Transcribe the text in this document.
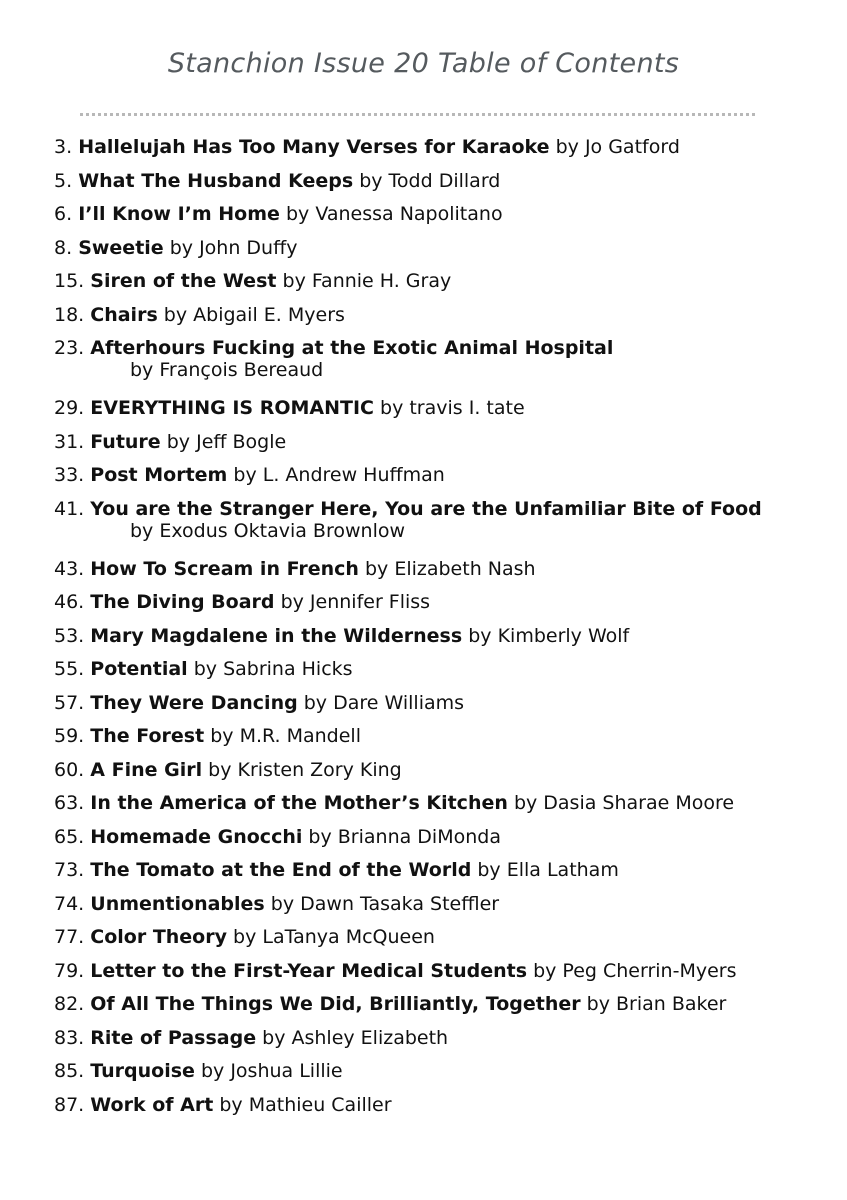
Stanchion Issue 20 Table of Contents
3. Hallelujah Has Too Many Verses for Karaoke by Jo Gatford
5. What The Husband Keeps by Todd Dillard
6. I’ll Know I’m Home by Vanessa Napolitano
8. Sweetie by John Duffy
15. Siren of the West by Fannie H. Gray
18. Chairs by Abigail E. Myers
23. Afterhours Fucking at the Exotic Animal Hospital
by François Bereaud
29. EVERYTHING IS ROMANTIC by travis I. tate
31. Future by Jeff Bogle
33. Post Mortem by L. Andrew Huffman
41. You are the Stranger Here, You are the Unfamiliar Bite of Food
by Exodus Oktavia Brownlow
43. How To Scream in French by Elizabeth Nash
46. The Diving Board by Jennifer Fliss
53. Mary Magdalene in the Wilderness by Kimberly Wolf
55. Potential by Sabrina Hicks
57. They Were Dancing by Dare Williams
59. The Forest by M.R. Mandell
60. A Fine Girl by Kristen Zory King
63. In the America of the Mother’s Kitchen by Dasia Sharae Moore
65. Homemade Gnocchi by Brianna DiMonda
73. The Tomato at the End of the World by Ella Latham
74. Unmentionables by Dawn Tasaka Steffler
77. Color Theory by LaTanya McQueen
79. Letter to the First-Year Medical Students by Peg Cherrin-Myers
82. Of All The Things We Did, Brilliantly, Together by Brian Baker
83. Rite of Passage by Ashley Elizabeth
85. Turquoise by Joshua Lillie
87. Work of Art by Mathieu Cailler
